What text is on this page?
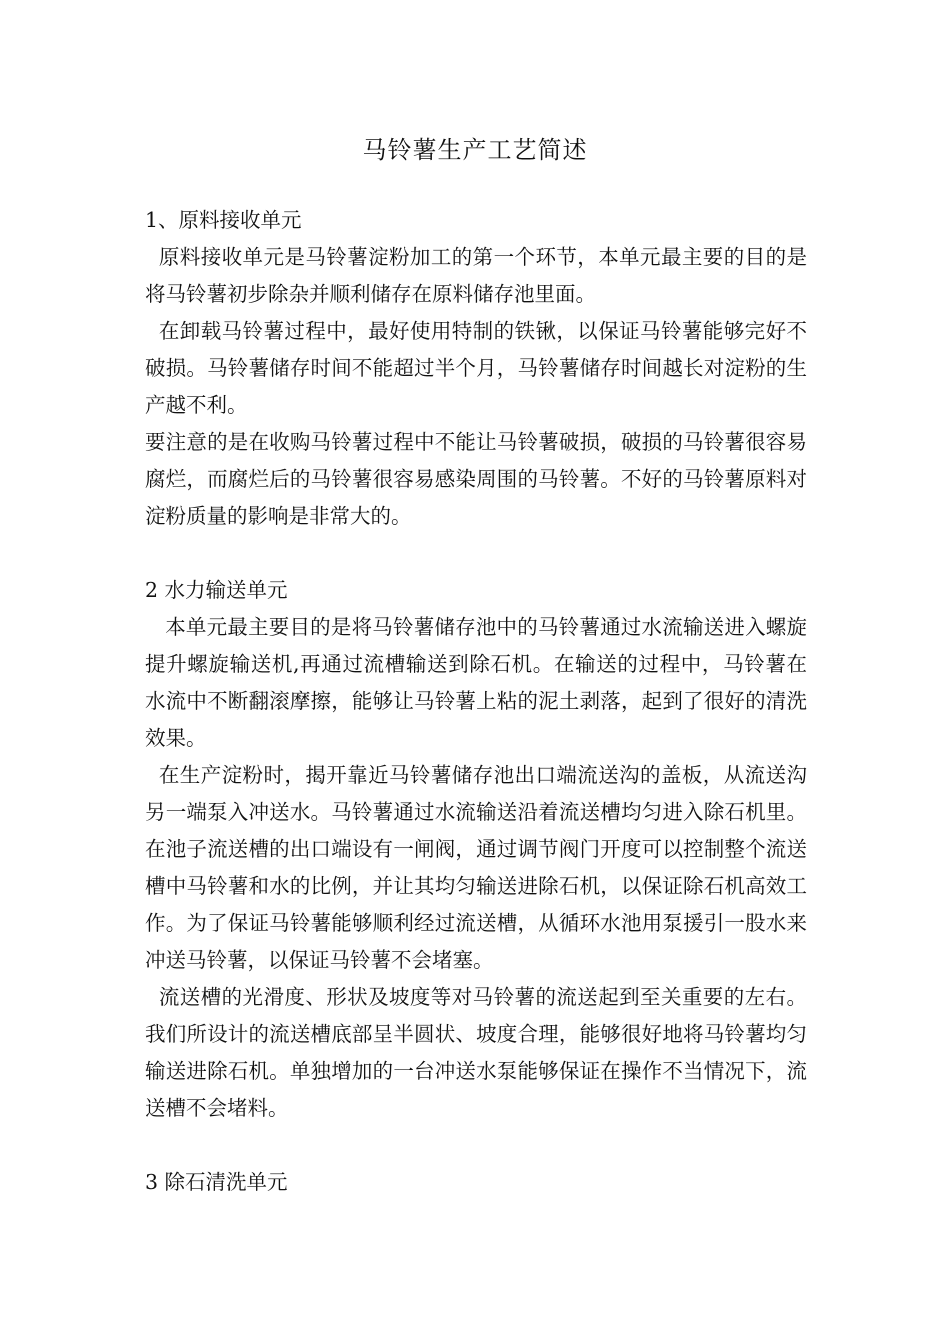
马铃薯生产工艺简述

1、原料接收单元

原料接收单元是马铃薯淀粉加工的第一个环节，本单元最主要的目的是将马铃薯初步除杂并顺利储存在原料储存池里面。

在卸载马铃薯过程中，最好使用特制的铁锹，以保证马铃薯能够完好不破损。马铃薯储存时间不能超过半个月，马铃薯储存时间越长对淀粉的生产越不利。

要注意的是在收购马铃薯过程中不能让马铃薯破损，破损的马铃薯很容易腐烂，而腐烂后的马铃薯很容易感染周围的马铃薯。不好的马铃薯原料对淀粉质量的影响是非常大的。

2 水力输送单元

本单元最主要目的是将马铃薯储存池中的马铃薯通过水流输送进入螺旋提升螺旋输送机,再通过流槽输送到除石机。在输送的过程中，马铃薯在水流中不断翻滚摩擦，能够让马铃薯上粘的泥土剥落，起到了很好的清洗效果。

在生产淀粉时，揭开靠近马铃薯储存池出口端流送沟的盖板，从流送沟另一端泵入冲送水。马铃薯通过水流输送沿着流送槽均匀进入除石机里。在池子流送槽的出口端设有一闸阀，通过调节阀门开度可以控制整个流送槽中马铃薯和水的比例，并让其均匀输送进除石机，以保证除石机高效工作。为了保证马铃薯能够顺利经过流送槽，从循环水池用泵援引一股水来冲送马铃薯，以保证马铃薯不会堵塞。

流送槽的光滑度、形状及坡度等对马铃薯的流送起到至关重要的左右。我们所设计的流送槽底部呈半圆状、坡度合理，能够很好地将马铃薯均匀输送进除石机。单独增加的一台冲送水泵能够保证在操作不当情况下，流送槽不会堵料。

3 除石清洗单元
